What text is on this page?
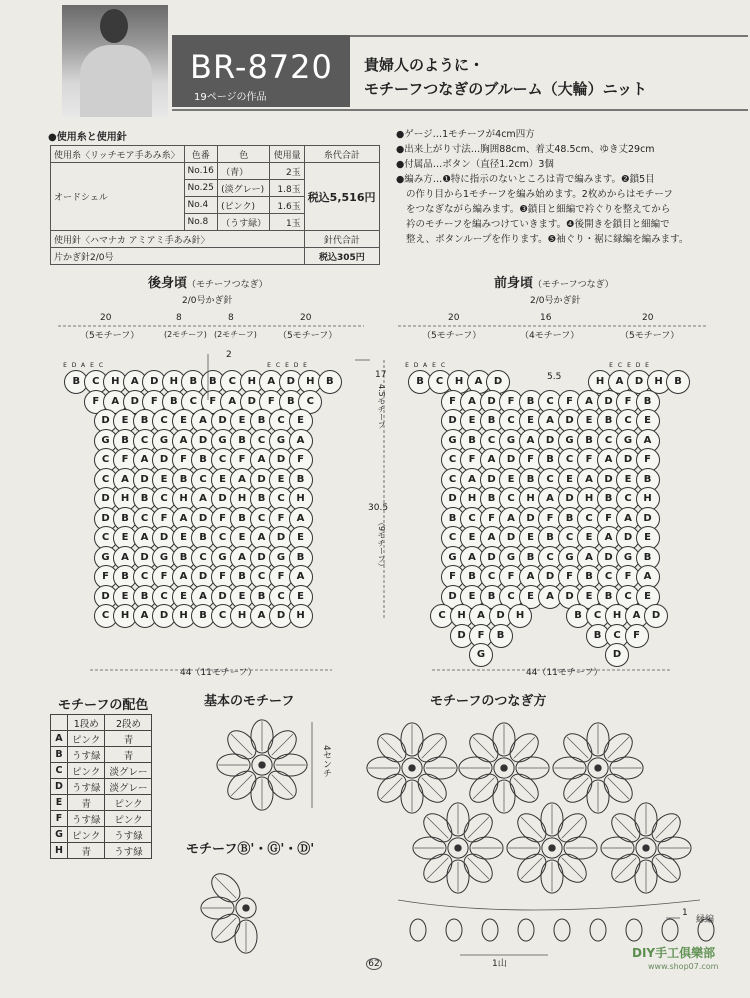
BR-8720
19ページの作品
貴婦人のように・
モチーフつなぎのブルーム（大輪）ニット
●使用糸と使用針
使用糸〈リッチモア手あみ糸〉	色番	色	使用量	糸代合計
オードシェル	No.16	（青）	2玉	税込5,516円
	No.25	(淡グレー)	1.8玉	
	No.4	(ピンク)	1.6玉	
	No.8	（うす緑）	1玉	
使用針〈ハマナカ アミアミ手あみ針〉				針代合計
片かぎ針2/0号				税込305円
●ゲージ…1モチーフが4cm四方
●出来上がり寸法…胸囲88cm、着丈48.5cm、ゆき丈29cm
●付属品…ボタン（直径1.2cm）3個
●編み方…❶特に指示のないところは青で編みます。❷鎖5目
の作り目から1モチーフを編み始めます。2枚めからはモチーフ
をつなぎながら編みます。❸鎖目と細編で衿ぐりを整えてから
衿のモチーフを編みつけていきます。❹後開きを鎖目と細編で
整え、ボタンループを作ります。❺袖ぐり・裾に縁編を編みます。
後身頃（モチーフつなぎ）
2/0号かぎ針
20	8	8	20
（5モチーフ）	(2モチーフ) (2モチーフ) （5モチーフ）
2
17
4.5モチーフ
30.5
（9モチーフ）
44（11モチーフ）
前身頃（モチーフつなぎ）
2/0号かぎ針
20	16	20
（5モチーフ）	（4モチーフ）	（5モチーフ）
5.5
44（11モチーフ）
E D A E C	E C E D E
B	C	H	A	D	H	B	B	C	H	A	D	H	B
F	A	D	F	B	C	F	A	D	F	B	C
D	E	B	C	E	A	D	E	B	C	E
G	B	C	G	A	D	G	B	C	G	A
C	F	A	D	F	B	C	F	A	D	F
C	A	D	E	B	C	E	A	D	E	B
D	H	B	C	H	A	D	H	B	C	H
D	B	C	F	A	D	F	B	C	F	A
C	E	A	D	E	B	C	E	A	D	E
G	A	D	G	B	C	G	A	D	G	B
F	B	C	F	A	D	F	B	C	F	A
D	E	B	C	E	A	D	E	B	C	E
C	H	A	D	H	B	C	H	A	D	H
E D A E C	E C E D E
B	C	H	A	D	H	A	D	H	B
F	A	D	F	B	C	F	A	D	F	B
D	E	B	C	E	A	D	E	B	C	E
G	B	C	G	A	D	G	B	C	G	A
C	F	A	D	F	B	C	F	A	D	F
C	A	D	E	B	C	E	A	D	E	B
D	H	B	C	H	A	D	H	B	C	H
B	C	F	A	D	F	B	C	F	A	D
C	E	A	D	E	B	C	E	A	D	E
G	A	D	G	B	C	G	A	D	G	B
F	B	C	F	A	D	F	B	C	F	A
D	E	B	C	E	A	D	E	B	C	E
C	H	A	D	H	B	C	H	A	D
D	F	B	B	C	F
G	D
モチーフの配色
	1段め	2段め
A	ピンク	青
B	うす緑	青
C	ピンク	淡グレー
D	うす緑	淡グレー
E	青	ピンク
F	うす緑	ピンク
G	ピンク	うす緑
H	青	うす緑
基本のモチーフ
4センチ
モチーフⒷ'・Ⓖ'・Ⓓ'
モチーフのつなぎ方
縁編
1
1山
62
DIY手工俱樂部
www.shop07.com
